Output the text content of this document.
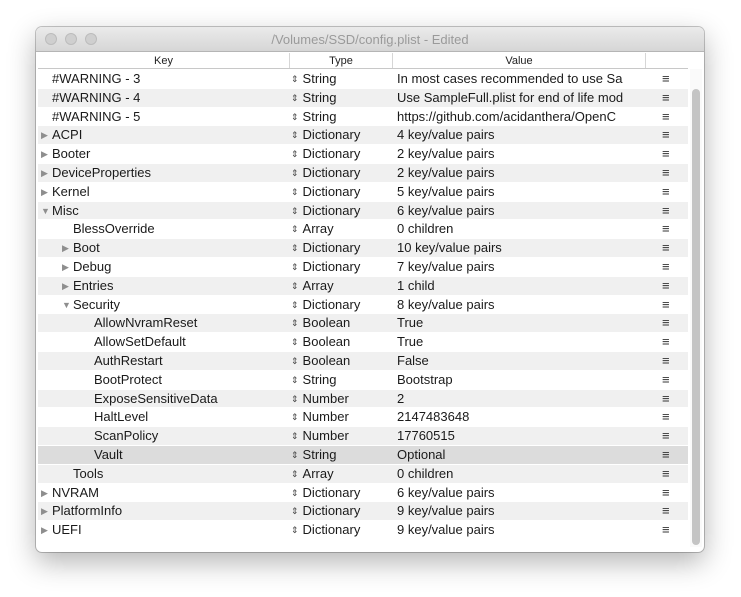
/Volumes/SSD/config.plist - Edited
Key	Type	Value
#WARNING - 3	⇕ String	In most cases recommended to use Sa	≡
#WARNING - 4	⇕ String	Use SampleFull.plist for end of life mod	≡
#WARNING - 5	⇕ String	https://github.com/acidanthera/OpenC	≡
▶ ACPI	⇕ Dictionary	4 key/value pairs	≡
▶ Booter	⇕ Dictionary	2 key/value pairs	≡
▶ DeviceProperties	⇕ Dictionary	2 key/value pairs	≡
▶ Kernel	⇕ Dictionary	5 key/value pairs	≡
▼ Misc	⇕ Dictionary	6 key/value pairs	≡
BlessOverride	⇕ Array	0 children	≡
▶ Boot	⇕ Dictionary	10 key/value pairs	≡
▶ Debug	⇕ Dictionary	7 key/value pairs	≡
▶ Entries	⇕ Array	1 child	≡
▼ Security	⇕ Dictionary	8 key/value pairs	≡
AllowNvramReset	⇕ Boolean	True	≡
AllowSetDefault	⇕ Boolean	True	≡
AuthRestart	⇕ Boolean	False	≡
BootProtect	⇕ String	Bootstrap	≡
ExposeSensitiveData	⇕ Number	2	≡
HaltLevel	⇕ Number	2147483648	≡
ScanPolicy	⇕ Number	17760515	≡
Vault	⇕ String	Optional	≡
Tools	⇕ Array	0 children	≡
▶ NVRAM	⇕ Dictionary	6 key/value pairs	≡
▶ PlatformInfo	⇕ Dictionary	9 key/value pairs	≡
▶ UEFI	⇕ Dictionary	9 key/value pairs	≡
